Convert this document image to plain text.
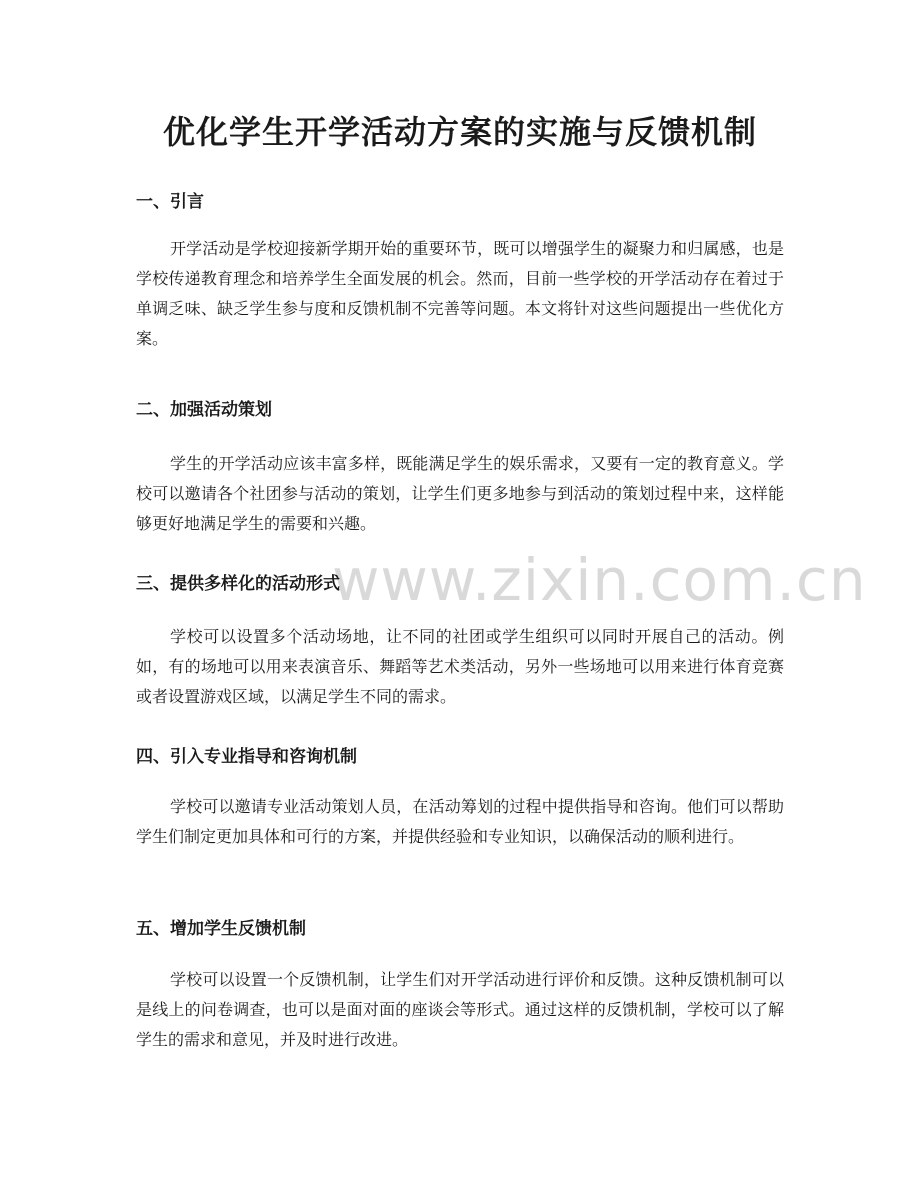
www.zixin.com.cn
优化学生开学活动方案的实施与反馈机制
一、引言

开学活动是学校迎接新学期开始的重要环节，既可以增强学生的凝聚力和归属感，也是学校传递教育理念和培养学生全面发展的机会。然而，目前一些学校的开学活动存在着过于单调乏味、缺乏学生参与度和反馈机制不完善等问题。本文将针对这些问题提出一些优化方案。

二、加强活动策划

学生的开学活动应该丰富多样，既能满足学生的娱乐需求，又要有一定的教育意义。学校可以邀请各个社团参与活动的策划，让学生们更多地参与到活动的策划过程中来，这样能够更好地满足学生的需要和兴趣。

三、提供多样化的活动形式

学校可以设置多个活动场地，让不同的社团或学生组织可以同时开展自己的活动。例如，有的场地可以用来表演音乐、舞蹈等艺术类活动，另外一些场地可以用来进行体育竞赛或者设置游戏区域，以满足学生不同的需求。

四、引入专业指导和咨询机制

学校可以邀请专业活动策划人员，在活动筹划的过程中提供指导和咨询。他们可以帮助学生们制定更加具体和可行的方案，并提供经验和专业知识，以确保活动的顺利进行。

五、增加学生反馈机制

学校可以设置一个反馈机制，让学生们对开学活动进行评价和反馈。这种反馈机制可以是线上的问卷调查，也可以是面对面的座谈会等形式。通过这样的反馈机制，学校可以了解学生的需求和意见，并及时进行改进。
